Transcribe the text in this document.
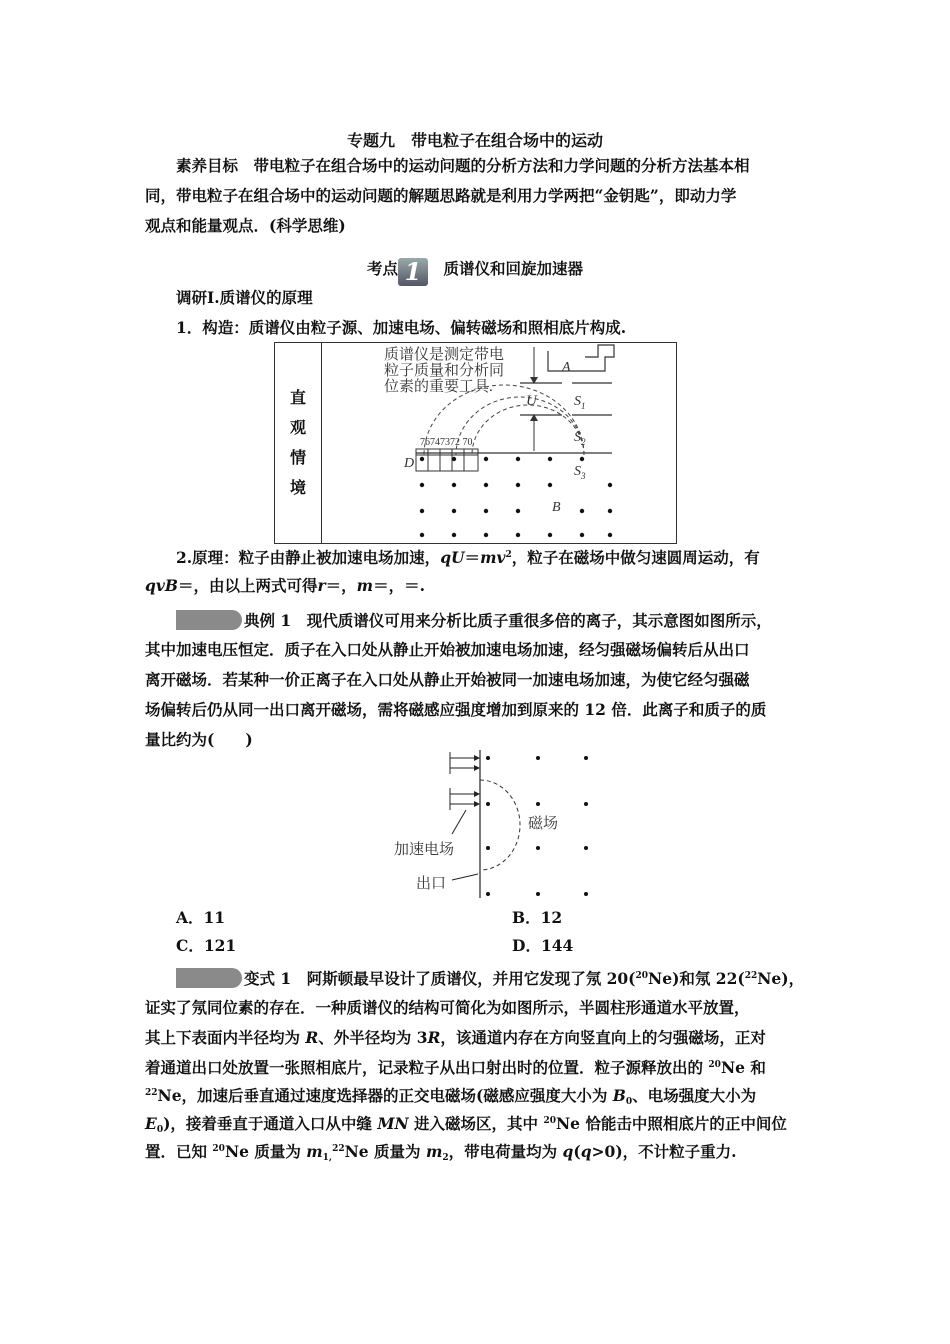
专题九　带电粒子在组合场中的运动
素养目标　 带电粒子在组合场中的运动问题的分析方法和力学问题的分析方法基本相
同，带电粒子在组合场中的运动问题的解题思路就是利用力学两把“金钥匙”，即动力学
观点和能量观点．(科学思维)
考点 1　 质谱仪和回旋加速器
调研Ⅰ.质谱仪的原理
1．构造：质谱仪由粒子源、加速电场、偏转磁场和照相底片构成.
直
观
情
境

质谱仪是测定带电
粒子质量和分析同
位素的重要工具.
A
U	$S_1$
$S_2$
$S_3$
76747372 70
D
B
2.原理：粒子由静止被加速电场加速，$qU=mv^2$，粒子在磁场中做匀速圆周运动，有
qvB＝，由以上两式可得r＝，m＝，＝.
典例 1　 现代质谱仪可用来分析比质子重很多倍的离子，其示意图如图所示，
其中加速电压恒定．质子在入口处从静止开始被加速电场加速，经匀强磁场偏转后从出口
离开磁场．若某种一价正离子在入口处从静止开始被同一加速电场加速，为使它经匀强磁
场偏转后仍从同一出口离开磁场，需将磁感应强度增加到原来的 12 倍．此离子和质子的质
量比约为(　　)
磁场
加速电场
出口
A．11	B．12
C．121	D．144
变式 1　 阿斯顿最早设计了质谱仪，并用它发现了氖 20($^{20}$Ne)和氖 22($^{22}$Ne)，
证实了氖同位素的存在．一种质谱仪的结构可简化为如图所示，半圆柱形通道水平放置，
其上下表面内半径均为 R、外半径均为 3R，该通道内存在方向竖直向上的匀强磁场，正对
着通道出口处放置一张照相底片，记录粒子从出口射出时的位置．粒子源释放出的 $^{20}$Ne 和
$^{22}$Ne，加速后垂直通过速度选择器的正交电磁场(磁感应强度大小为 $B_0$、电场强度大小为
$E_0$)，接着垂直于通道入口从中缝 MN 进入磁场区，其中 $^{20}$Ne 恰能击中照相底片的正中间位
置．已知 $^{20}$Ne 质量为 $m_{1,}^{22}Ne$ 质量为 $m_2$，带电荷量均为 q(q>0)，不计粒子重力.
